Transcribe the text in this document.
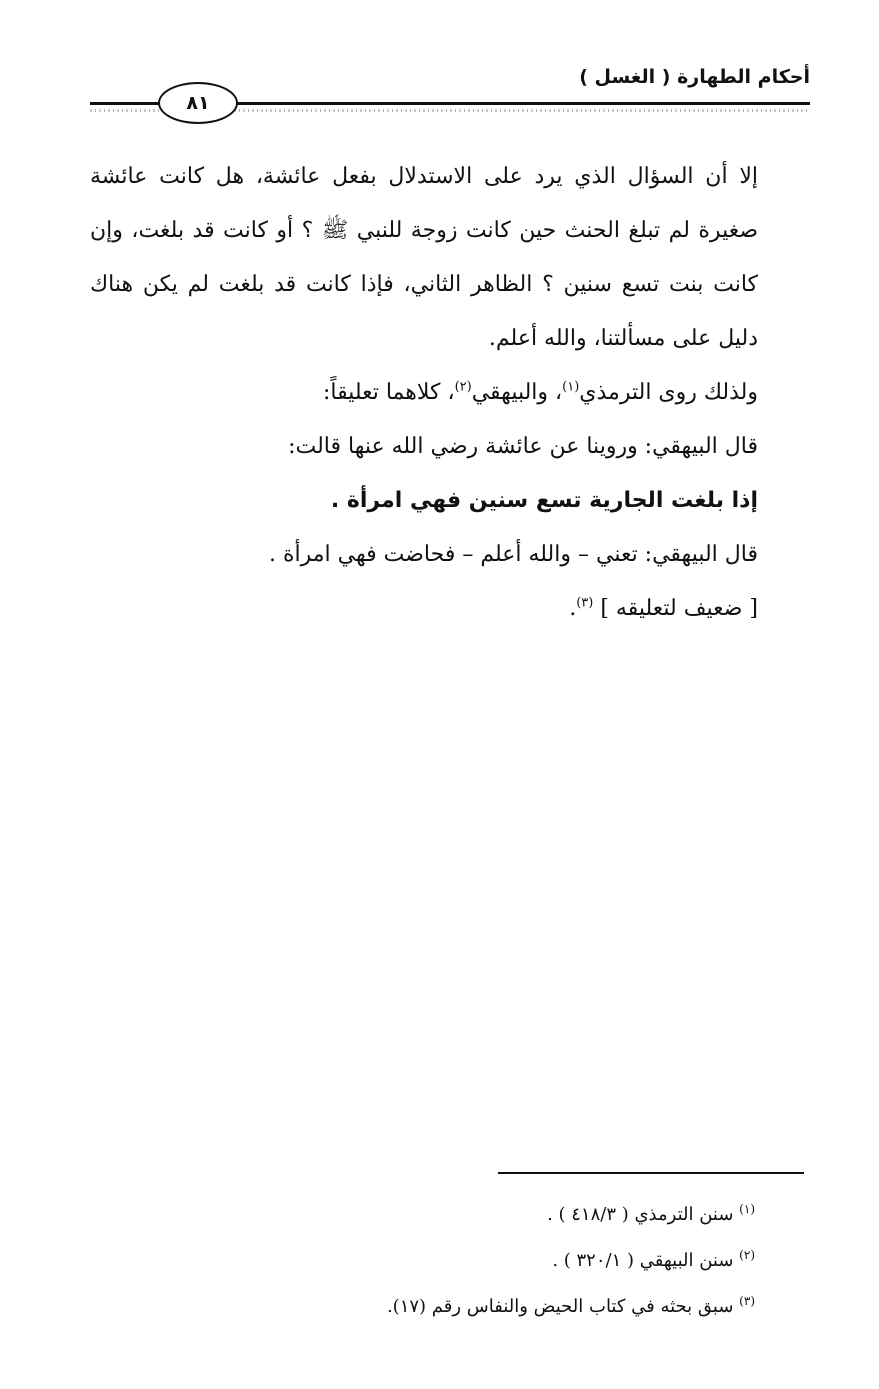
أحكام الطهارة ( الغسل )
٨١

إلا أن السؤال الذي يرد على الاستدلال بفعل عائشة، هل كانت عائشة صغيرة لم تبلغ الحنث حين كانت زوجة للنبي ﷺ ؟ أو كانت قد بلغت، وإن كانت بنت تسع سنين ؟ الظاهر الثاني، فإذا كانت قد بلغت لم يكن هناك دليل على مسألتنا، والله أعلم.

ولذلك روى الترمذي$^{(١)}$، والبيهقي$^{(٢)}$، كلاهما تعليقاً:

قال البيهقي: وروينا عن عائشة رضي الله عنها قالت:

إذا بلغت الجارية تسع سنين فهي امرأة .

قال البيهقي: تعني – والله أعلم – فحاضت فهي امرأة .

[ ضعيف لتعليقه ] $^{(٣)}$.

$^{(١)}$ سنن الترمذي ( ٤١٨/٣ ) .

$^{(٢)}$ سنن البيهقي ( ٣٢٠/١ ) .

$^{(٣)}$ سبق بحثه في كتاب الحيض والنفاس رقم (١٧).
